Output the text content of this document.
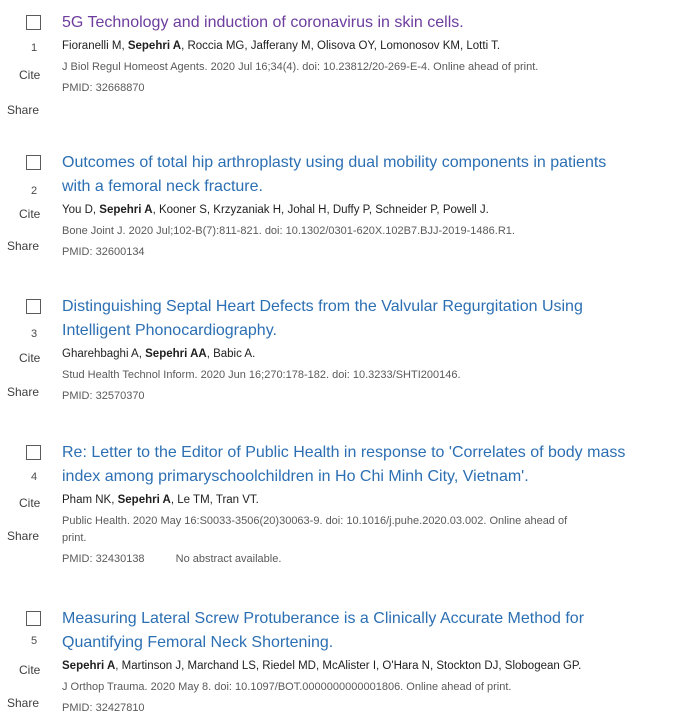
1
Cite
Share
5G Technology and induction of coronavirus in skin cells.
Fioranelli M, Sepehri A, Roccia MG, Jafferany M, Olisova OY, Lomonosov KM, Lotti T.
J Biol Regul Homeost Agents. 2020 Jul 16;34(4). doi: 10.23812/20-269-E-4. Online ahead of print.
PMID: 32668870
2
Cite
Share
Outcomes of total hip arthroplasty using dual mobility components in patients
with a femoral neck fracture.
You D, Sepehri A, Kooner S, Krzyzaniak H, Johal H, Duffy P, Schneider P, Powell J.
Bone Joint J. 2020 Jul;102-B(7):811-821. doi: 10.1302/0301-620X.102B7.BJJ-2019-1486.R1.
PMID: 32600134
3
Cite
Share
Distinguishing Septal Heart Defects from the Valvular Regurgitation Using
Intelligent Phonocardiography.
Gharehbaghi A, Sepehri AA, Babic A.
Stud Health Technol Inform. 2020 Jun 16;270:178-182. doi: 10.3233/SHTI200146.
PMID: 32570370
4
Cite
Share
Re: Letter to the Editor of Public Health in response to 'Correlates of body mass
index among primaryschoolchildren in Ho Chi Minh City, Vietnam'.
Pham NK, Sepehri A, Le TM, Tran VT.
Public Health. 2020 May 16:S0033-3506(20)30063-9. doi: 10.1016/j.puhe.2020.03.002. Online ahead of
print.
PMID: 32430138	No abstract available.
5
Cite
Share
Measuring Lateral Screw Protuberance is a Clinically Accurate Method for
Quantifying Femoral Neck Shortening.
Sepehri A, Martinson J, Marchand LS, Riedel MD, McAlister I, O'Hara N, Stockton DJ, Slobogean GP.
J Orthop Trauma. 2020 May 8. doi: 10.1097/BOT.0000000000001806. Online ahead of print.
PMID: 32427810
